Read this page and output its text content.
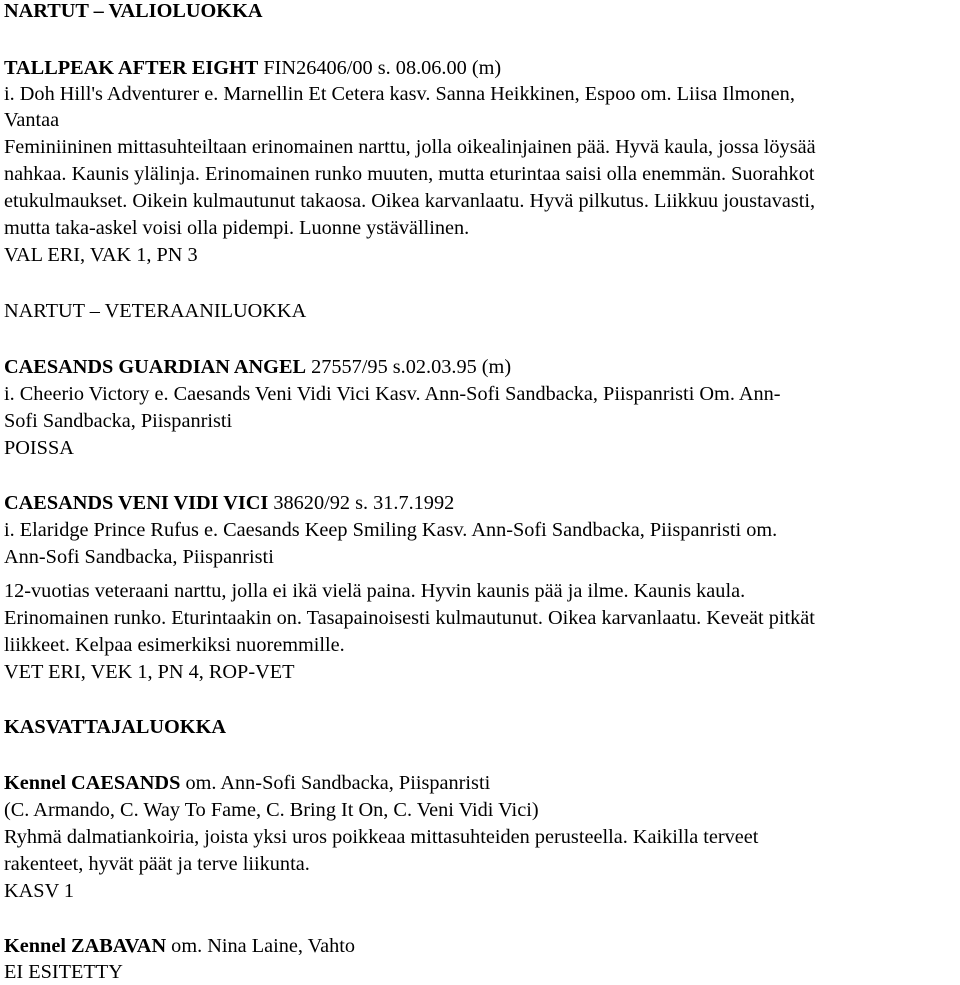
NARTUT – VALIOLUOKKA
TALLPEAK AFTER EIGHT FIN26406/00 s. 08.06.00 (m)
i. Doh Hill's Adventurer e. Marnellin Et Cetera kasv. Sanna Heikkinen, Espoo om. Liisa Ilmonen,
Vantaa
Feminiininen mittasuhteiltaan erinomainen narttu, jolla oikealinjainen pää. Hyvä kaula, jossa löysää
nahkaa. Kaunis ylälinja. Erinomainen runko muuten, mutta eturintaa saisi olla enemmän. Suorahkot
etukulmaukset. Oikein kulmautunut takaosa. Oikea karvanlaatu. Hyvä pilkutus. Liikkuu joustavasti,
mutta taka-askel voisi olla pidempi. Luonne ystävällinen.
VAL ERI, VAK 1, PN 3
NARTUT – VETERAANILUOKKA
CAESANDS GUARDIAN ANGEL 27557/95 s.02.03.95 (m)
i. Cheerio Victory e. Caesands Veni Vidi Vici Kasv. Ann-Sofi Sandbacka, Piispanristi Om. Ann-
Sofi Sandbacka, Piispanristi
POISSA
CAESANDS VENI VIDI VICI 38620/92 s. 31.7.1992
i. Elaridge Prince Rufus e. Caesands Keep Smiling Kasv. Ann-Sofi Sandbacka, Piispanristi om.
Ann-Sofi Sandbacka, Piispanristi
12-vuotias veteraani narttu, jolla ei ikä vielä paina. Hyvin kaunis pää ja ilme. Kaunis kaula.
Erinomainen runko. Eturintaakin on. Tasapainoisesti kulmautunut. Oikea karvanlaatu. Keveät pitkät
liikkeet. Kelpaa esimerkiksi nuoremmille.
VET ERI, VEK 1, PN 4, ROP-VET
KASVATTAJALUOKKA
Kennel CAESANDS om. Ann-Sofi Sandbacka, Piispanristi
(C. Armando, C. Way To Fame, C. Bring It On, C. Veni Vidi Vici)
Ryhmä dalmatiankoiria, joista yksi uros poikkeaa mittasuhteiden perusteella. Kaikilla terveet
rakenteet, hyvät päät ja terve liikunta.
KASV 1
Kennel ZABAVAN om. Nina Laine, Vahto
EI ESITETTY
